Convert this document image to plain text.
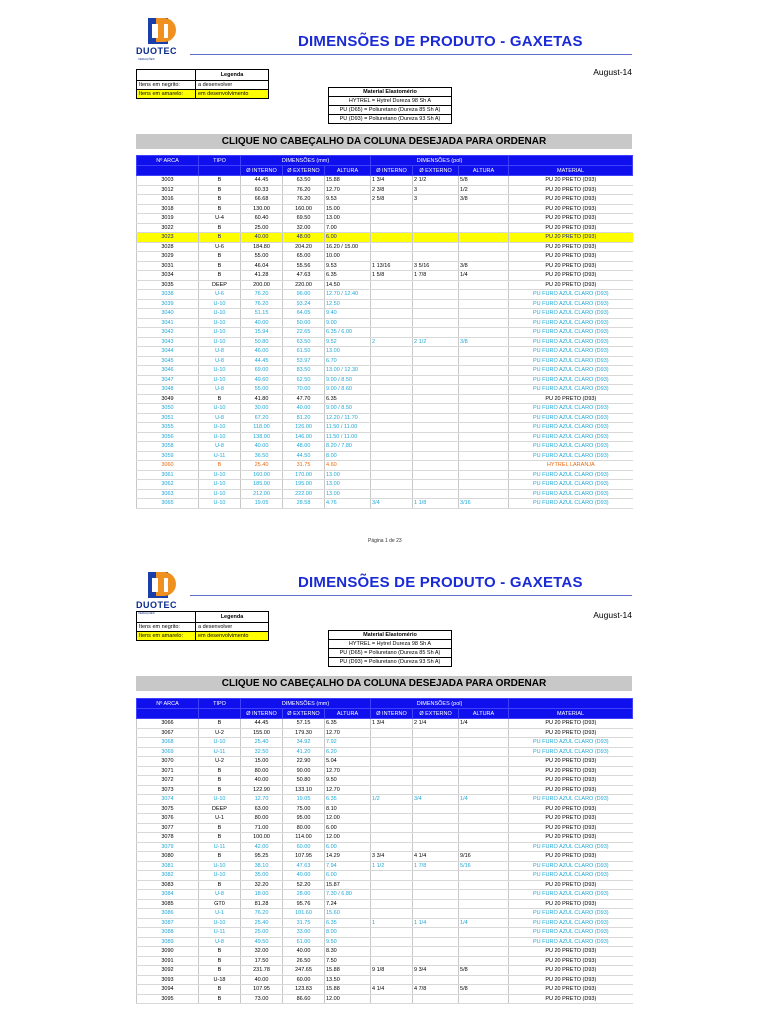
DUOTEC
VEDAÇÕES
DIMENSÕES DE PRODUTO - GAXETAS
August-14
	Legenda
Itens em negrito:	a desenvolver
Itens em amarelo:	em desenvolvimento	Material Elastomério
HYTREL = Hytrel Dureza 98 Sh A
PU (D65) = Poliuretano (Dureza 85 Sh A)
PU (D93) = Poliuretano (Dureza 93 Sh A)
CLIQUE NO CABEÇALHO DA COLUNA DESEJADA PARA ORDENAR
Nº ARCA	TIPO	DIMENSÕES (mm)			DIMENSÕES (pol)			
		Ø INTERNO	Ø EXTERNO	ALTURA	Ø INTERNO	Ø EXTERNO	ALTURA	MATERIAL
3003	B	44.45	63.50	15.88	1 3/4	2 1/2	5/8	PU 20 PRETO (D93)
3012	B	60.33	76.20	12.70	2 3/8	3	1/2	PU 20 PRETO (D93)
3016	B	66.68	76.20	9.53	2 5/8	3	3/8	PU 20 PRETO (D93)
3018	B	130.00	160.00	15.00				PU 20 PRETO (D93)
3019	U-4	60.40	69.50	13.00				PU 20 PRETO (D93)
3022	B	25.00	32.00	7.00				PU 20 PRETO (D93)
3023	B	40.00	48.00	6.00				PU 20 PRETO (D93)
3028	U-6	184.80	204.20	16.20 / 15.00				PU 20 PRETO (D93)
3029	B	55.00	65.00	10.00				PU 20 PRETO (D93)
3031	B	46.04	55.56	9.53	1 13/16	3 5/16	3/8	PU 20 PRETO (D93)
3034	B	41.28	47.63	6.35	1 5/8	1 7/8	1/4	PU 20 PRETO (D93)
3035	DEEP	200.00	220.00	14.50				PU 20 PRETO (D93)
3038	U-6	76.20	96.00	12.70 / 12.40				PU FURO AZUL CLARO (D93)
3039	U-10	76.20	93.24	12.50				PU FURO AZUL CLARO (D93)
3040	U-10	51.15	64.05	9.40				PU FURO AZUL CLARO (D93)
3041	U-10	40.00	50.00	9.00				PU FURO AZUL CLARO (D93)
3042	U-10	15.94	22.65	6.35 / 6.00				PU FURO AZUL CLARO (D93)
3043	U-10	50.80	63.50	9.52	2	2 1/2	3/8	PU FURO AZUL CLARO (D93)
3044	U-8	46.00	61.50	13.00				PU FURO AZUL CLARO (D93)
3045	U-8	44.45	53.97	6.70				PU FURO AZUL CLARO (D93)
3046	U-10	69.00	83.50	13.00 / 12.30				PU FURO AZUL CLARO (D93)
3047	U-10	49.60	62.50	9.00 / 8.50				PU FURO AZUL CLARO (D93)
3048	U-8	55.00	70.00	9.00 / 8.60				PU FURO AZUL CLARO (D93)
3049	B	41.80	47.70	6.35				PU 20 PRETO (D93)
3050	U-10	30.00	40.00	9.00 / 8.50				PU FURO AZUL CLARO (D93)
3051	U-8	67.20	81.20	12.20 / 11.70				PU FURO AZUL CLARO (D93)
3055	U-10	118.00	126.00	11.50 / 11.00				PU FURO AZUL CLARO (D93)
3056	U-10	138.00	146.00	11.50 / 11.00				PU FURO AZUL CLARO (D93)
3058	U-8	40.00	48.00	8.20 / 7.80				PU FURO AZUL CLARO (D93)
3059	U-11	36.50	44.50	8.00				PU FURO AZUL CLARO (D93)
3060	B	25.40	31.75	4.60				HYTREL LARANJA
3061	U-10	160.00	170.00	13.00				PU FURO AZUL CLARO (D93)
3062	U-10	185.00	195.00	13.00				PU FURO AZUL CLARO (D93)
3063	U-10	212.00	222.00	13.00				PU FURO AZUL CLARO (D93)
3065	U-10	19.05	28.58	4.76	3/4	1 1/8	3/16	PU FURO AZUL CLARO (D93)
Página 1 de 23
DUOTEC
VEDAÇÕES
DIMENSÕES DE PRODUTO - GAXETAS
August-14
	Legenda
Itens em negrito:	a desenvolver
Itens em amarelo:	em desenvolvimento	Material Elastomério
HYTREL = Hytrel Dureza 98 Sh A
PU (D65) = Poliuretano (Dureza 85 Sh A)
PU (D93) = Poliuretano (Dureza 93 Sh A)
CLIQUE NO CABEÇALHO DA COLUNA DESEJADA PARA ORDENAR
Nº ARCA	TIPO	DIMENSÕES (mm)			DIMENSÕES (pol)			
		Ø INTERNO	Ø EXTERNO	ALTURA	Ø INTERNO	Ø EXTERNO	ALTURA	MATERIAL
3066	B	44.45	57.15	6.35	1 3/4	2 1/4	1/4	PU 20 PRETO (D93)
3067	U-2	155.00	179.30	12.70				PU 20 PRETO (D93)
3068	U-10	25.40	34.92	7.92				PU FURO AZUL CLARO (D93)
3069	U-11	32.50	41.20	6.20				PU FURO AZUL CLARO (D93)
3070	U-2	15.00	22.90	5.04				PU 20 PRETO (D93)
3071	B	80.00	90.00	12.70				PU 20 PRETO (D93)
3072	B	40.00	50.80	9.50				PU 20 PRETO (D93)
3073	B	122.90	133.10	12.70				PU 20 PRETO (D93)
3074	U-10	12.70	19.05	6.35	1/2	3/4	1/4	PU FURO AZUL CLARO (D93)
3075	DEEP	63.00	75.00	8.10				PU 20 PRETO (D93)
3076	U-1	80.00	95.00	12.00				PU 20 PRETO (D93)
3077	B	71.00	80.00	6.00				PU 20 PRETO (D93)
3078	B	100.00	114.00	12.00				PU 20 PRETO (D93)
3079	U-11	42.00	60.00	6.00				PU FURO AZUL CLARO (D93)
3080	B	95.25	107.95	14.29	3 3/4	4 1/4	9/16	PU 20 PRETO (D93)
3081	U-10	38.10	47.63	7.94	1 1/2	1 7/8	5/16	PU FURO AZUL CLARO (D93)
3082	U-10	35.00	40.00	6.00				PU FURO AZUL CLARO (D93)
3083	B	32.20	52.20	15.87				PU 20 PRETO (D93)
3084	U-8	18.00	28.00	7.30 / 6.80				PU FURO AZUL CLARO (D93)
3085	GT0	81.28	95.76	7.24				PU 20 PRETO (D93)
3086	U-1	76.20	101.60	15.60				PU FURO AZUL CLARO (D93)
3087	U-10	25.40	31.75	6.35	1	1 1/4	1/4	PU FURO AZUL CLARO (D93)
3088	U-11	25.00	33.00	8.00				PU FURO AZUL CLARO (D93)
3089	U-8	49.50	61.00	9.50				PU FURO AZUL CLARO (D93)
3090	B	32.00	40.00	8.30				PU 20 PRETO (D93)
3091	B	17.50	26.50	7.50				PU 20 PRETO (D93)
3092	B	231.78	247.65	15.88	9 1/8	9 3/4	5/8	PU 20 PRETO (D93)
3093	U-18	40.00	60.00	13.50				PU 20 PRETO (D93)
3094	B	107.95	123.83	15.88	4 1/4	4 7/8	5/8	PU 20 PRETO (D93)
3095	B	73.00	86.60	12.00				PU 20 PRETO (D93)
